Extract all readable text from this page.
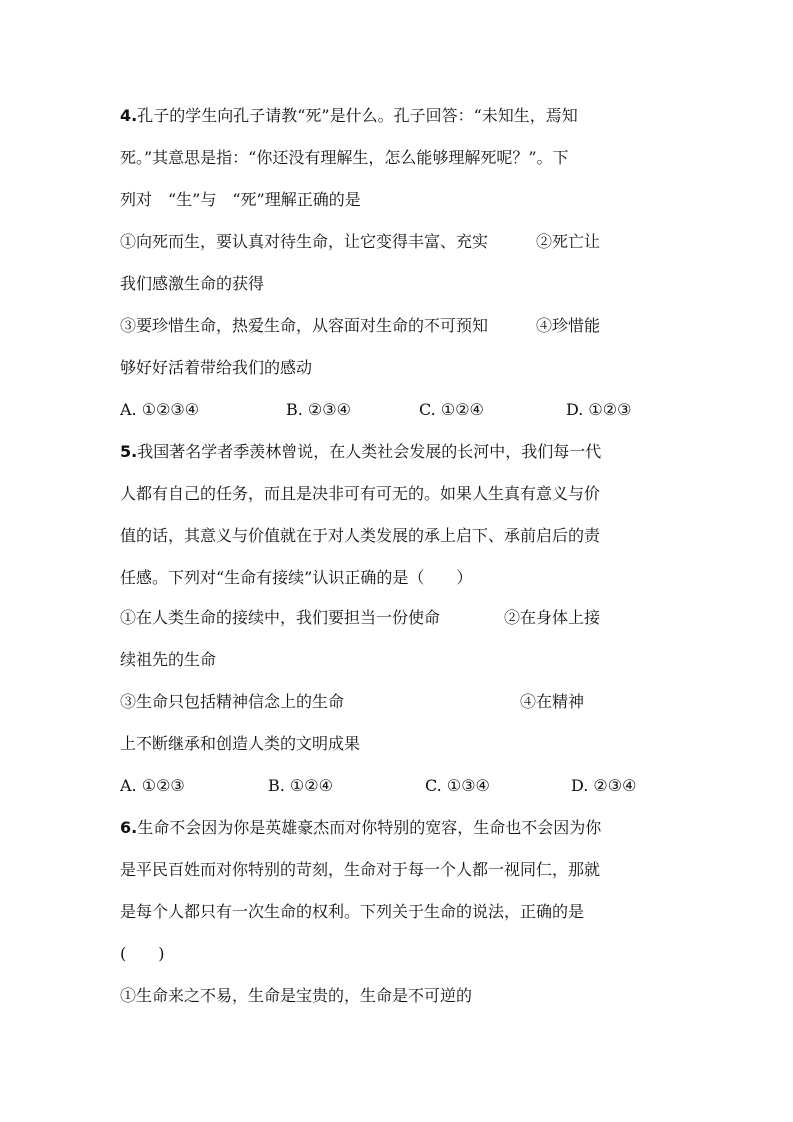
4.孔子的学生向孔子请教“死”是什么。孔子回答：“未知生，焉知
死。”其意思是指：“你还没有理解生，怎么能够理解死呢？”。下
列对　“生”与　“死”理解正确的是
①向死而生，要认真对待生命，让它变得丰富、充实　　　②死亡让
我们感激生命的获得
③要珍惜生命，热爱生命，从容面对生命的不可预知　　　④珍惜能
够好好活着带给我们的感动
A. ①②③④	B. ②③④	C. ①②④	D. ①②③
5.我国著名学者季羡林曾说，在人类社会发展的长河中，我们每一代
人都有自己的任务，而且是决非可有可无的。如果人生真有意义与价
值的话，其意义与价值就在于对人类发展的承上启下、承前启后的责
任感。下列对“生命有接续”认识正确的是（　　）
①在人类生命的接续中，我们要担当一份使命　　　　②在身体上接
续祖先的生命
③生命只包括精神信念上的生命　　　　　　　　　　　④在精神
上不断继承和创造人类的文明成果
A. ①②③	B. ①②④	C. ①③④	D. ②③④
6.生命不会因为你是英雄豪杰而对你特别的宽容，生命也不会因为你
是平民百姓而对你特别的苛刻，生命对于每一个人都一视同仁，那就
是每个人都只有一次生命的权利。下列关于生命的说法，正确的是
(　　)
①生命来之不易，生命是宝贵的，生命是不可逆的
